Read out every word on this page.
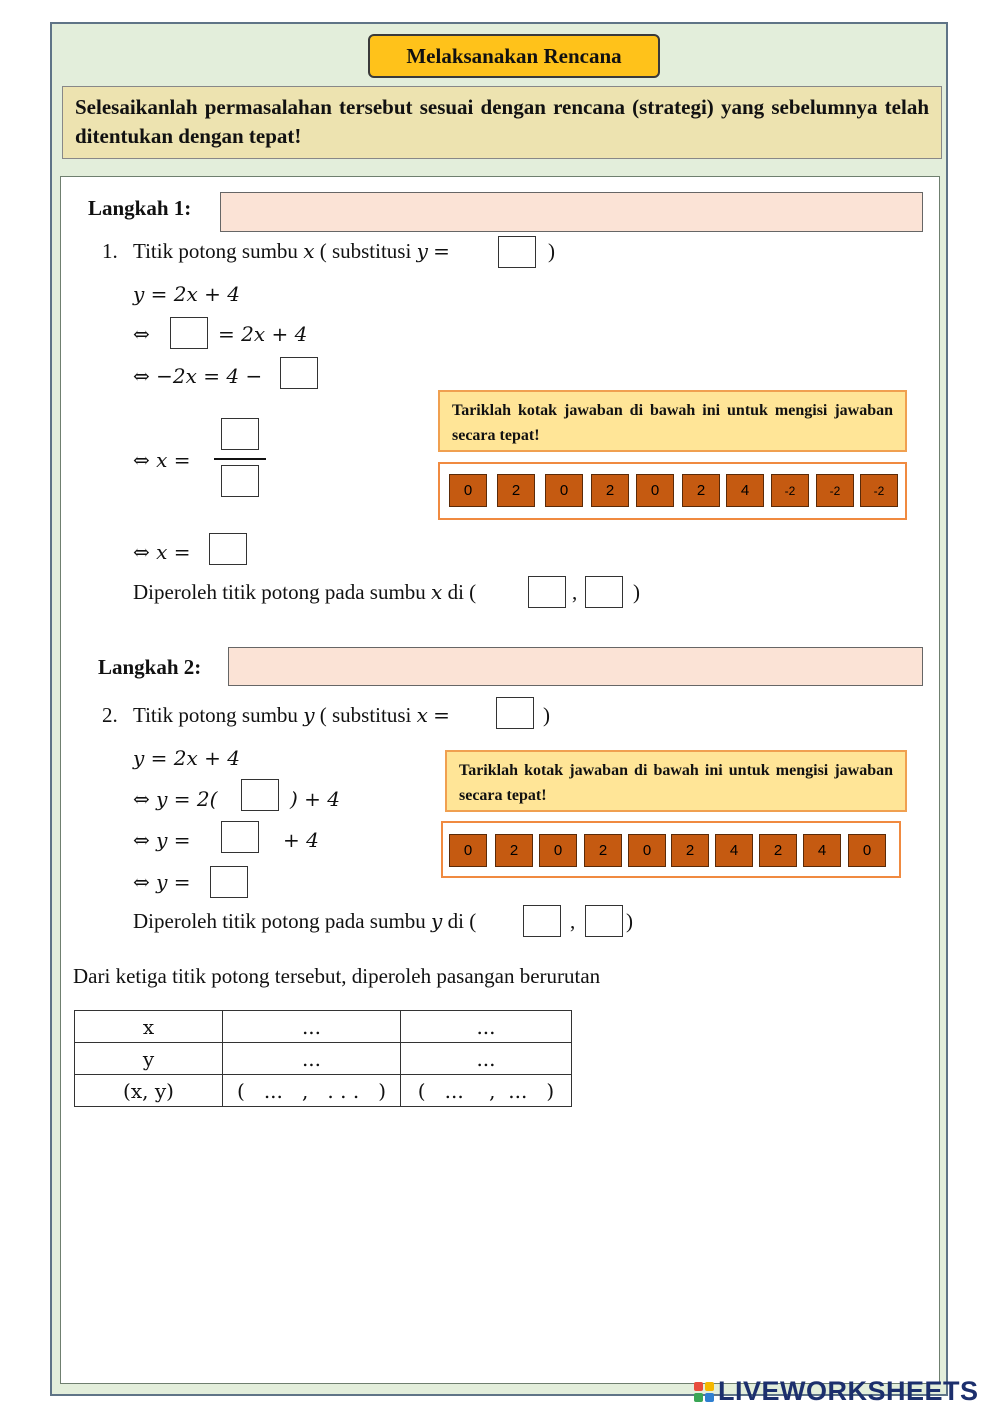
Melaksanakan Rencana
Selesaikanlah permasalahan tersebut sesuai dengan rencana (strategi) yang sebelumnya telah ditentukan dengan tepat!
Langkah 1:
1. Titik potong sumbu x ( substitusi y =	)
y = 2x + 4
⇔	= 2x + 4
⇔ −2x = 4 −
⇔ x =
⇔ x =
Diperoleh titik potong pada sumbu x di (	,	)
Tariklah kotak jawaban di bawah ini untuk mengisi jawaban secara tepat!
0	2	0	2	0	2	4	-2	-2	-2
Langkah 2:
2. Titik potong sumbu y ( substitusi x =	)
y = 2x + 4
⇔ y = 2(	) + 4
⇔ y =	+ 4
⇔ y =
Diperoleh titik potong pada sumbu y di (	, )
Tariklah kotak jawaban di bawah ini untuk mengisi jawaban secara tepat!
0	2	0	2	0	2	4	2	4	0
Dari ketiga titik potong tersebut, diperoleh pasangan berurutan
x	...	...
y	...	...
(x, y)	(   ...   ,   . . .   )	(   ...    ,  ...   )
LIVEWORKSHEETS
